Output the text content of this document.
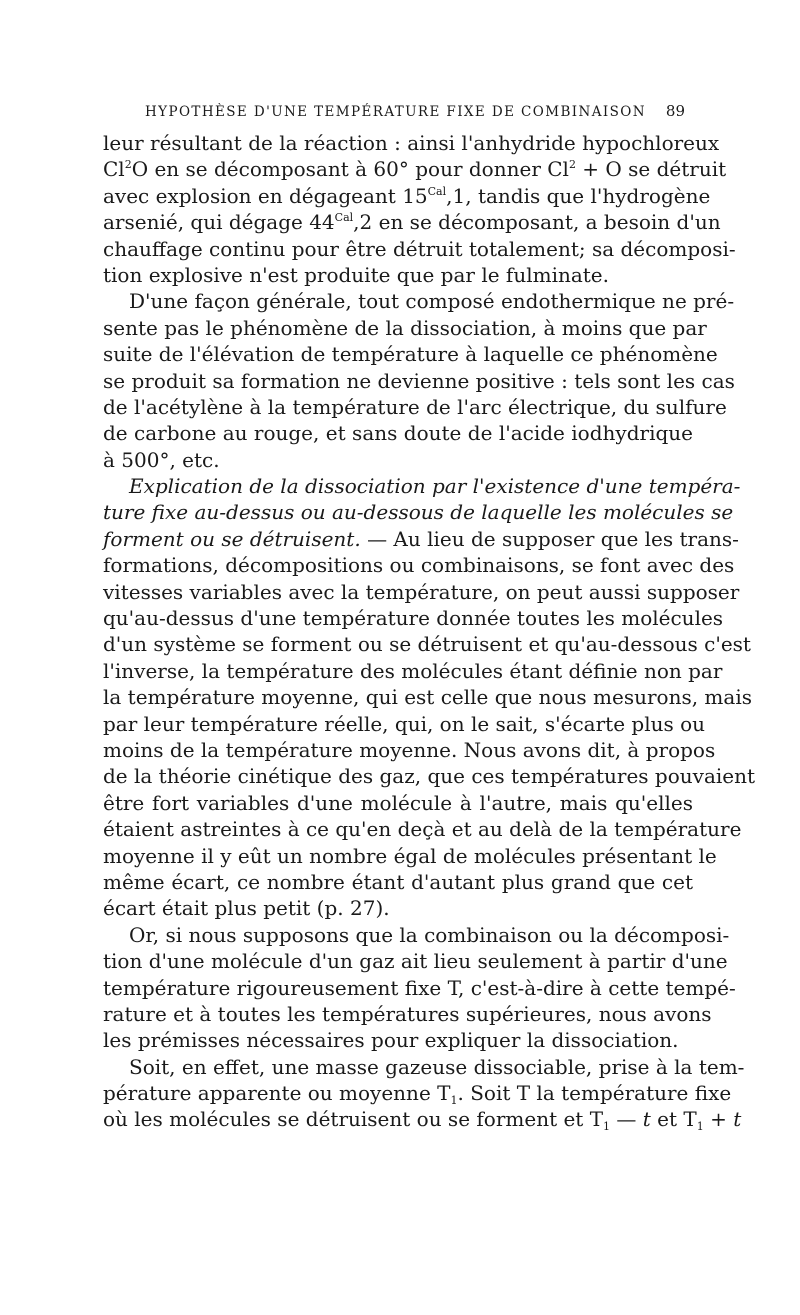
HYPOTHÈSE D'UNE TEMPÉRATURE FIXE DE COMBINAISON 89
leur résultant de la réaction : ainsi l'anhydride hypochloreux
Cl$^2$O en se décomposant à 60° pour donner $Cl^2 + O$ se détruit
avec explosion en dégageant $15^{Cal},1$, tandis que l'hydrogène
arsenié, qui dégage $44^{Cal},2$ en se décomposant, a besoin d'un
chauffage continu pour être détruit totalement; sa décomposi-
tion explosive n'est produite que par le fulminate.
D'une façon générale, tout composé endothermique ne pré-
sente pas le phénomène de la dissociation, à moins que par
suite de l'élévation de température à laquelle ce phénomène
se produit sa formation ne devienne positive : tels sont les cas
de l'acétylène à la température de l'arc électrique, du sulfure
de carbone au rouge, et sans doute de l'acide iodhydrique
à 500°, etc.
Explication de la dissociation par l'existence d'une tempéra-
ture fixe au-dessus ou au-dessous de laquelle les molécules se
forment ou se détruisent. — Au lieu de supposer que les trans-
formations, décompositions ou combinaisons, se font avec des
vitesses variables avec la température, on peut aussi supposer
qu'au-dessus d'une température donnée toutes les molécules
d'un système se forment ou se détruisent et qu'au-dessous c'est
l'inverse, la température des molécules étant définie non par
la température moyenne, qui est celle que nous mesurons, mais
par leur température réelle, qui, on le sait, s'écarte plus ou
moins de la température moyenne. Nous avons dit, à propos
de la théorie cinétique des gaz, que ces températures pouvaient
être fort variables d'une molécule à l'autre, mais qu'elles
étaient astreintes à ce qu'en deçà et au delà de la température
moyenne il y eût un nombre égal de molécules présentant le
même écart, ce nombre étant d'autant plus grand que cet
écart était plus petit (p. 27).
Or, si nous supposons que la combinaison ou la décomposi-
tion d'une molécule d'un gaz ait lieu seulement à partir d'une
température rigoureusement fixe T, c'est-à-dire à cette tempé-
rature et à toutes les températures supérieures, nous avons
les prémisses nécessaires pour expliquer la dissociation.
Soit, en effet, une masse gazeuse dissociable, prise à la tem-
pérature apparente ou moyenne $T_1$. Soit T la température fixe
où les molécules se détruisent ou se forment et $T_1$ — t et $T_1 + t$
